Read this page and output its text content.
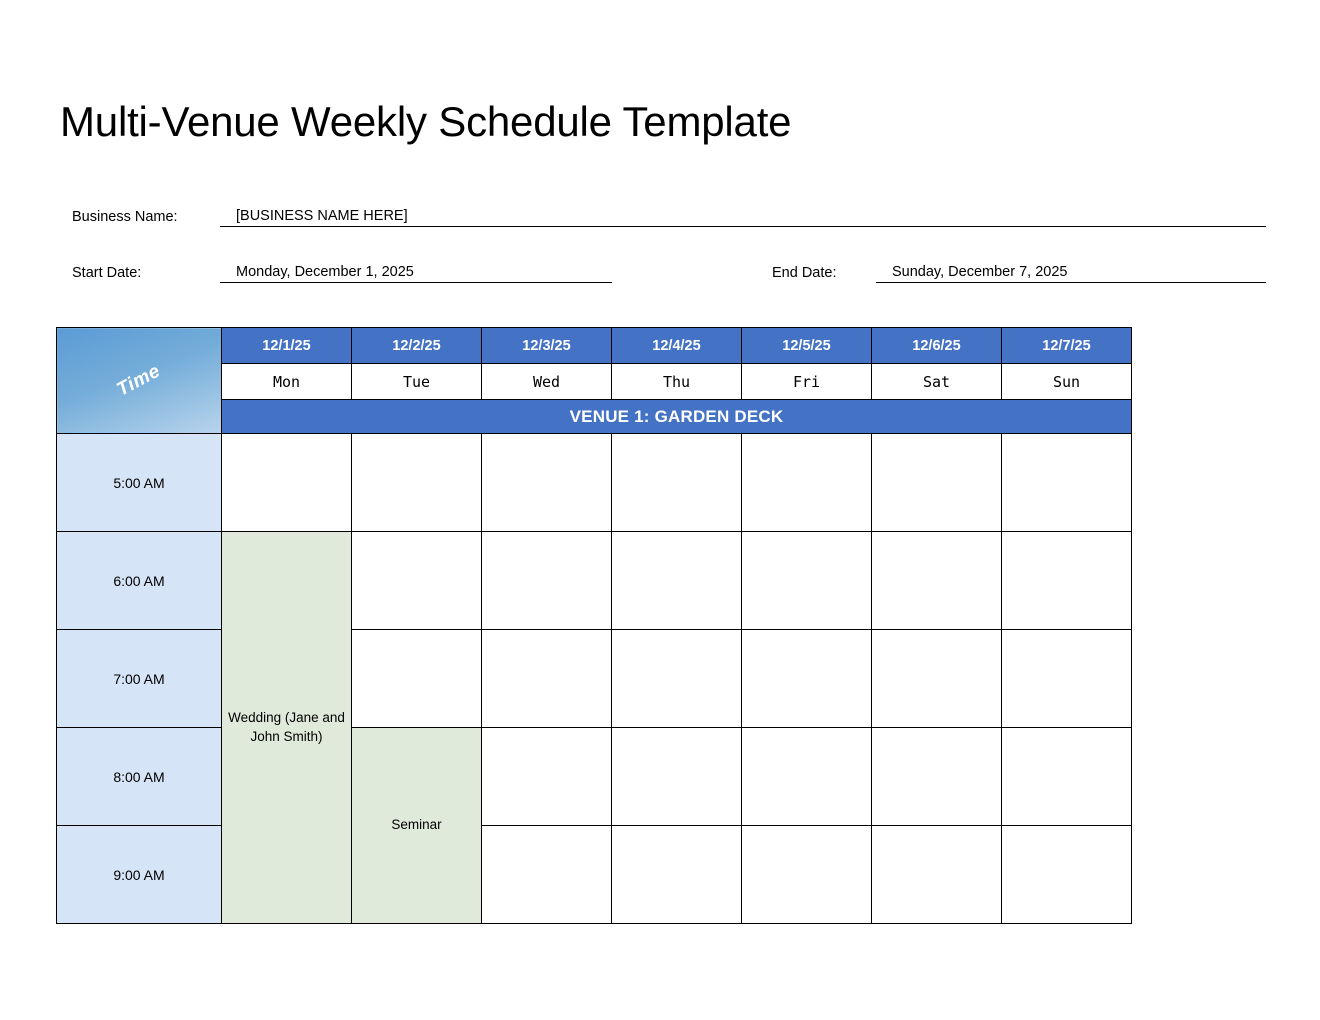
Multi-Venue Weekly Schedule Template
Business Name:	[BUSINESS NAME HERE]
Start Date:	Monday, December 1, 2025	End Date:	Sunday, December 7, 2025
Time	12/1/25	12/2/25	12/3/25	12/4/25	12/5/25	12/6/25	12/7/25
	Mon	Tue	Wed	Thu	Fri	Sat	Sun
	VENUE 1: GARDEN DECK						
5:00 AM							
6:00 AM	Wedding (Jane and John Smith)						
7:00 AM							
8:00 AM		Seminar					
9:00 AM							
